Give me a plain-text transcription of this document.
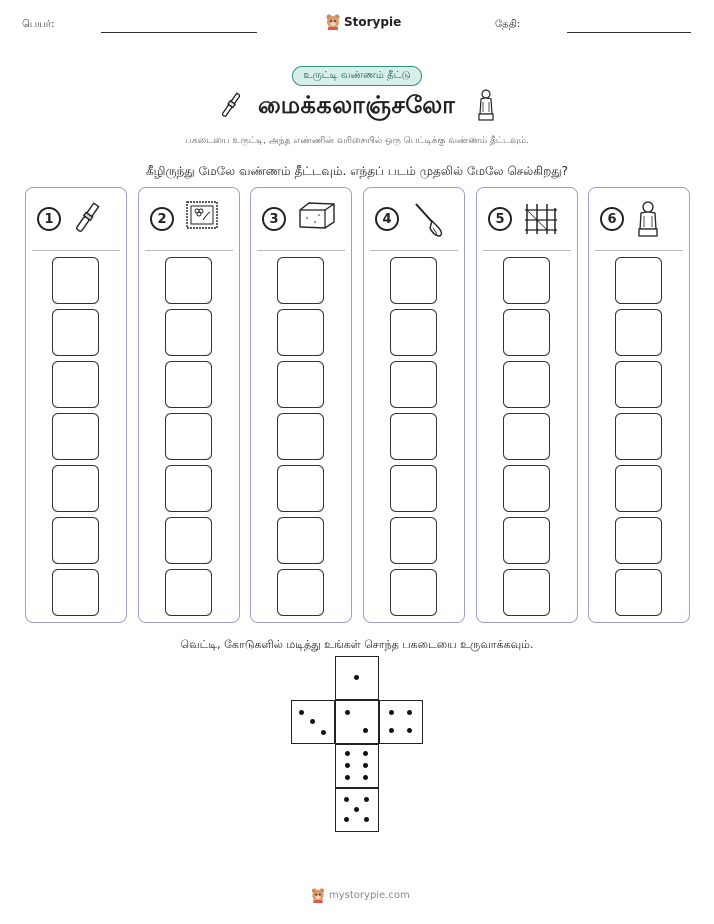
பெயர்:	Storypie	தேதி:
உருட்டி வண்ணம் தீட்டு
மைக்கலாஞ்சலோ
பகடையை உருட்டி, அந்த எண்ணின் வரிசையில் ஒரு பெட்டிக்கு வண்ணம் தீட்டவும்.
கீழிருந்து மேலே வண்ணம் தீட்டவும். எந்தப் படம் முதலில் மேலே செல்கிறது?
1	2	3	4	5	6
வெட்டி, கோடுகளில் மடித்து உங்கள் சொந்த பகடையை உருவாக்கவும்.
mystorypie.com
